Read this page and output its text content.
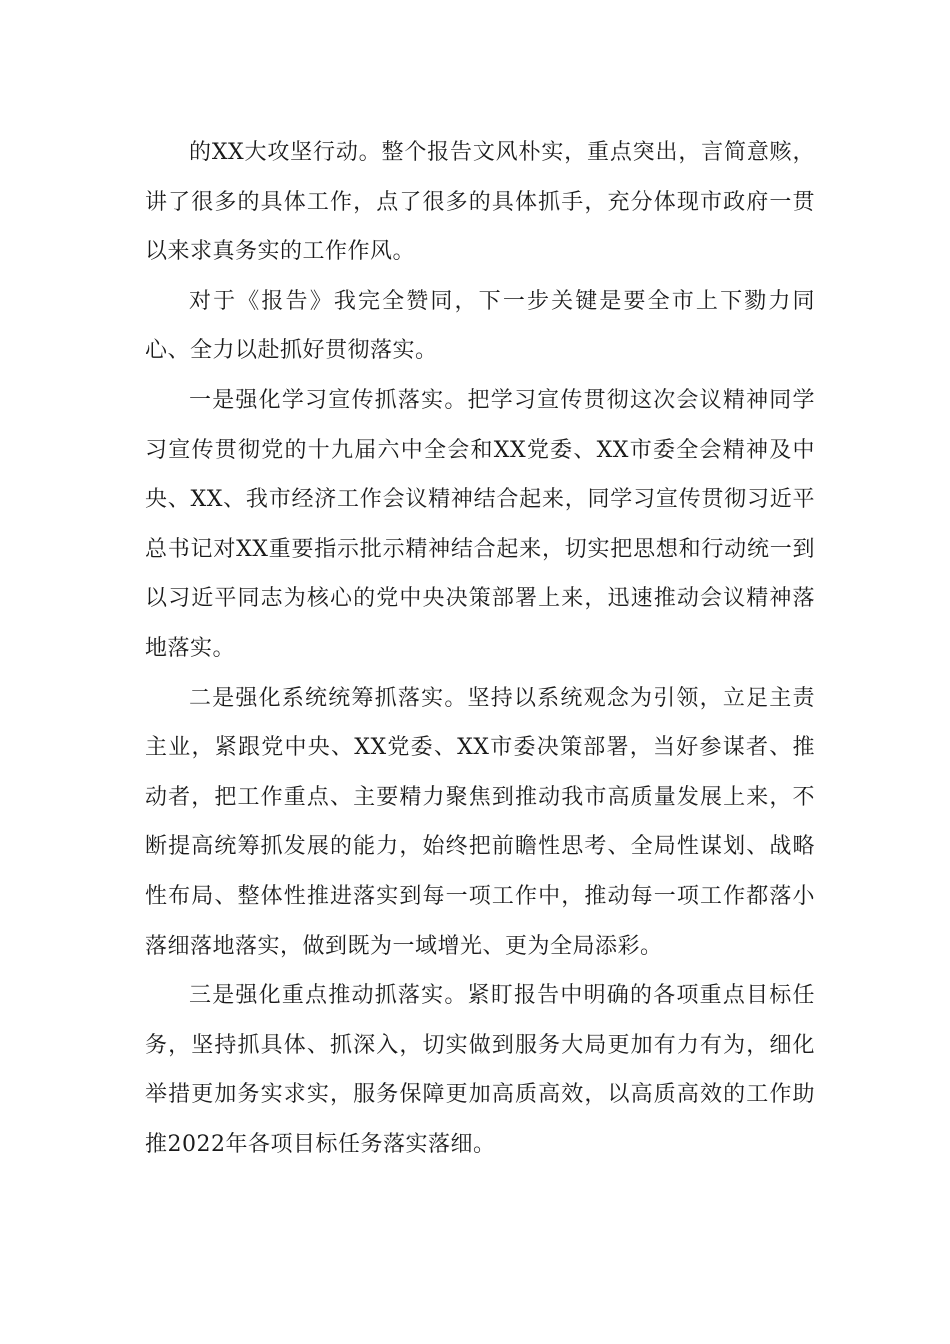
的XX大攻坚行动。整个报告文风朴实，重点突出，言简意赅，讲了很多的具体工作，点了很多的具体抓手，充分体现市政府一贯以来求真务实的工作作风。

对于《报告》我完全赞同，下一步关键是要全市上下勠力同心、全力以赴抓好贯彻落实。

一是强化学习宣传抓落实。把学习宣传贯彻这次会议精神同学习宣传贯彻党的十九届六中全会和XX党委、XX市委全会精神及中央、XX、我市经济工作会议精神结合起来，同学习宣传贯彻习近平总书记对XX重要指示批示精神结合起来，切实把思想和行动统一到以习近平同志为核心的党中央决策部署上来，迅速推动会议精神落地落实。

二是强化系统统筹抓落实。坚持以系统观念为引领，立足主责主业，紧跟党中央、XX党委、XX市委决策部署，当好参谋者、推动者，把工作重点、主要精力聚焦到推动我市高质量发展上来，不断提高统筹抓发展的能力，始终把前瞻性思考、全局性谋划、战略性布局、整体性推进落实到每一项工作中，推动每一项工作都落小落细落地落实，做到既为一域增光、更为全局添彩。

三是强化重点推动抓落实。紧盯报告中明确的各项重点目标任务，坚持抓具体、抓深入，切实做到服务大局更加有力有为，细化举措更加务实求实，服务保障更加高质高效，以高质高效的工作助推2022年各项目标任务落实落细。
